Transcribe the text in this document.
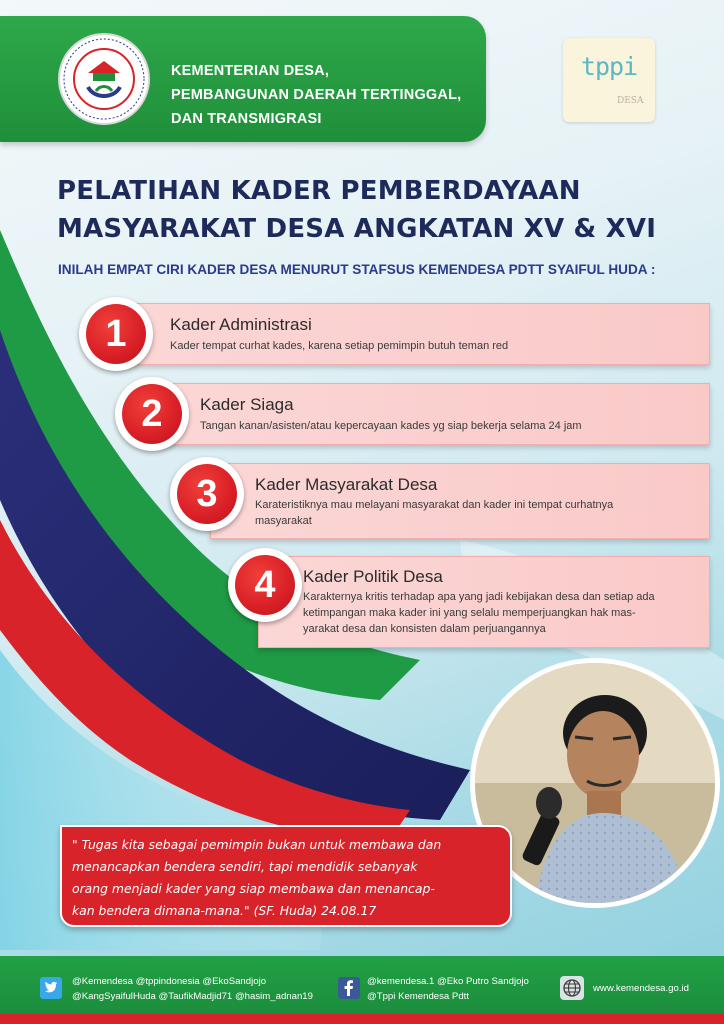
KEMENTERIAN DESA,
PEMBANGUNAN DAERAH TERTINGGAL,
DAN TRANSMIGRASI
tppi
DESA
PELATIHAN KADER PEMBERDAYAAN
MASYARAKAT DESA ANGKATAN XV & XVI
INILAH EMPAT CIRI KADER DESA MENURUT STAFSUS KEMENDESA PDTT SYAIFUL HUDA :
1	Kader Administrasi
Kader tempat curhat kades, karena setiap pemimpin butuh teman red
2	Kader Siaga
Tangan kanan/asisten/atau kepercayaan kades yg siap bekerja selama 24 jam
3	Kader Masyarakat Desa
Karateristiknya mau melayani masyarakat dan kader ini tempat curhatnya
masyarakat
4	Kader Politik Desa
Karakternya kritis terhadap apa yang jadi kebijakan desa dan setiap ada
ketimpangan maka kader ini yang selalu memperjuangkan hak mas-
yarakat desa dan konsisten dalam perjuangannya
" Tugas kita sebagai pemimpin bukan untuk membawa dan
menancapkan bendera sendiri, tapi mendidik sebanyak
orang menjadi kader yang siap membawa dan menancap-
kan bendera dimana-mana." (SF. Huda) 24.08.17
@Kemendesa @tppindonesia @EkoSandjojo
@KangSyaifulHuda @TaufikMadjid71 @hasim_adnan19
@kemendesa.1 @Eko Putro Sandjojo
@Tppi Kemendesa Pdtt
www.kemendesa.go.id
